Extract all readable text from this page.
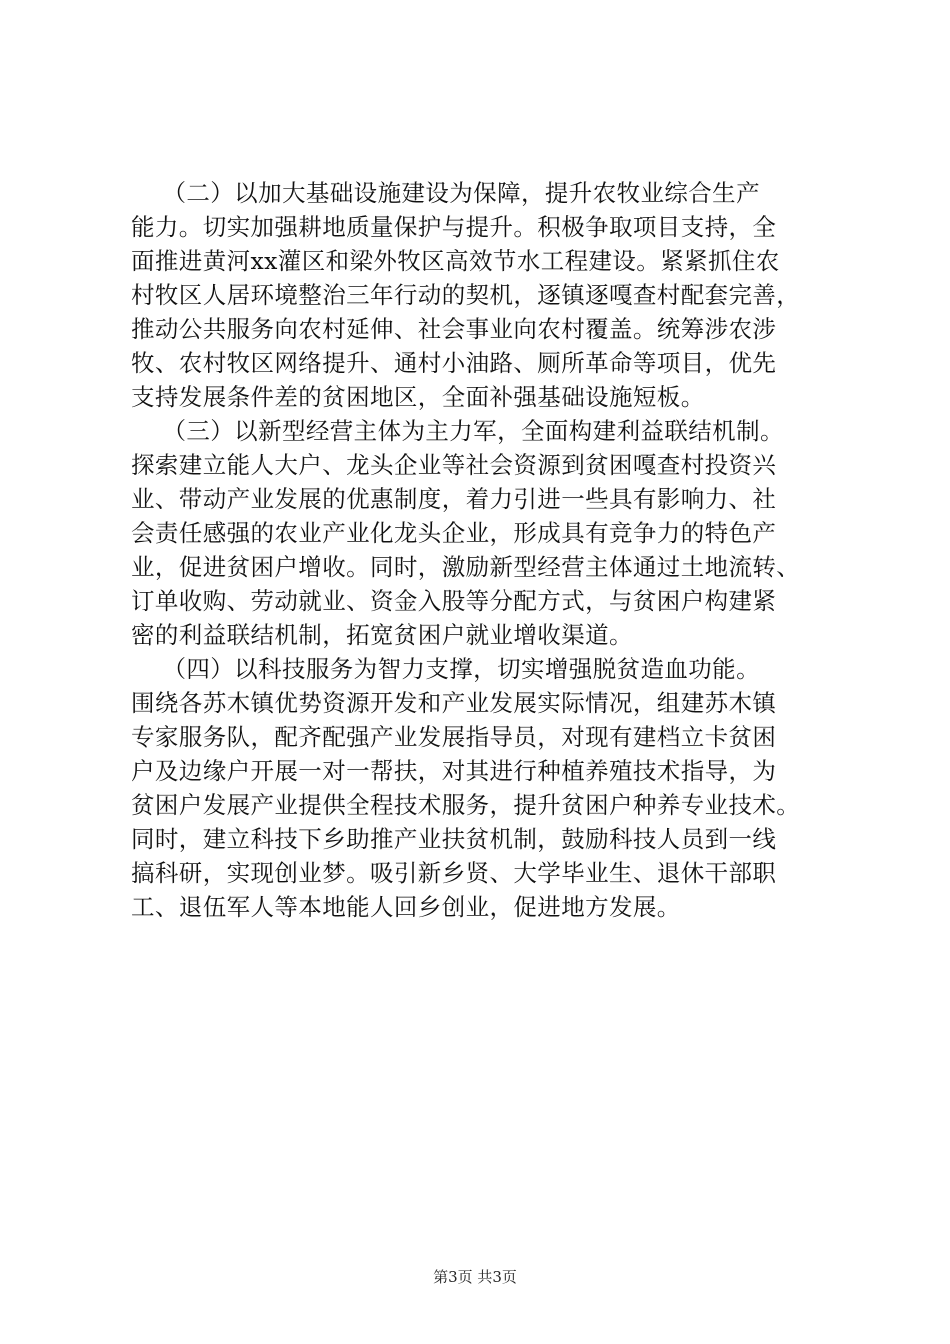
（二）以加大基础设施建设为保障，提升农牧业综合生产
能力。切实加强耕地质量保护与提升。积极争取项目支持，全
面推进黄河xx灌区和梁外牧区高效节水工程建设。紧紧抓住农
村牧区人居环境整治三年行动的契机，逐镇逐嘎查村配套完善，
推动公共服务向农村延伸、社会事业向农村覆盖。统筹涉农涉
牧、农村牧区网络提升、通村小油路、厕所革命等项目，优先
支持发展条件差的贫困地区，全面补强基础设施短板。
（三）以新型经营主体为主力军，全面构建利益联结机制。
探索建立能人大户、龙头企业等社会资源到贫困嘎查村投资兴
业、带动产业发展的优惠制度，着力引进一些具有影响力、社
会责任感强的农业产业化龙头企业，形成具有竞争力的特色产
业，促进贫困户增收。同时，激励新型经营主体通过土地流转、
订单收购、劳动就业、资金入股等分配方式，与贫困户构建紧
密的利益联结机制，拓宽贫困户就业增收渠道。
（四）以科技服务为智力支撑，切实增强脱贫造血功能。
围绕各苏木镇优势资源开发和产业发展实际情况，组建苏木镇
专家服务队，配齐配强产业发展指导员，对现有建档立卡贫困
户及边缘户开展一对一帮扶，对其进行种植养殖技术指导，为
贫困户发展产业提供全程技术服务，提升贫困户种养专业技术。
同时，建立科技下乡助推产业扶贫机制，鼓励科技人员到一线
搞科研，实现创业梦。吸引新乡贤、大学毕业生、退休干部职
工、退伍军人等本地能人回乡创业，促进地方发展。
第3页 共3页
